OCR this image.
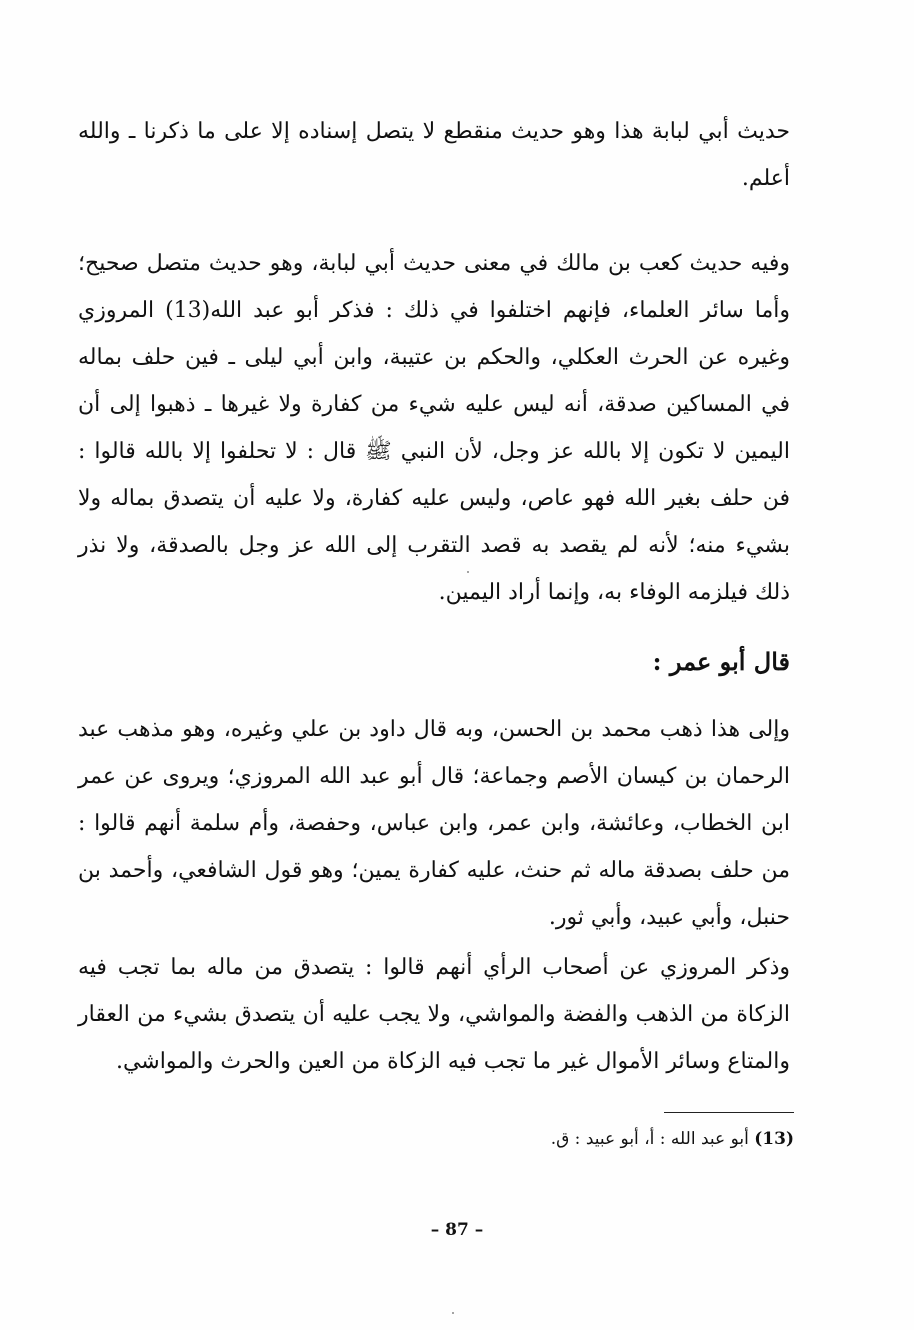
حديث أبي لبابة هذا وهو حديث منقطع لا يتصل إسناده إلا على ما ذكرنا ـ والله أعلم.
وفيه حديث كعب بن مالك في معنى حديث أبي لبابة، وهو حديث متصل صحيح؛ وأما سائر العلماء، فإنهم اختلفوا في ذلك : فذكر أبو عبد الله(13) المروزي وغيره عن الحرث العكلي، والحكم بن عتيبة، وابن أبي ليلى ـ فين حلف بماله في المساكين صدقة، أنه ليس عليه شيء من كفارة ولا غيرها ـ ذهبوا إلى أن اليمين لا تكون إلا بالله عز وجل، لأن النبي ﷺ قال : لا تحلفوا إلا بالله قالوا : فن حلف بغير الله فهو عاص، وليس عليه كفارة، ولا عليه أن يتصدق بماله ولا بشيء منه؛ لأنه لم يقصد به قصد التقرب إلى الله عز وجل بالصدقة، ولا نذر ذلك فيلزمه الوفاء به، وإنما أراد اليمين.
قال أبو عمر :
وإلى هذا ذهب محمد بن الحسن، وبه قال داود بن علي وغيره، وهو مذهب عبد الرحمان بن كيسان الأصم وجماعة؛ قال أبو عبد الله المروزي؛ ويروى عن عمر ابن الخطاب، وعائشة، وابن عمر، وابن عباس، وحفصة، وأم سلمة أنهم قالوا : من حلف بصدقة ماله ثم حنث، عليه كفارة يمين؛ وهو قول الشافعي، وأحمد بن حنبل، وأبي عبيد، وأبي ثور.
وذكر المروزي عن أصحاب الرأي أنهم قالوا : يتصدق من ماله بما تجب فيه الزكاة من الذهب والفضة والمواشي، ولا يجب عليه أن يتصدق بشيء من العقار والمتاع وسائر الأموال غير ما تجب فيه الزكاة من العين والحرث والمواشي.
(13) أبو عبد الله : أ، أبو عبيد : ق.
– 87 –
